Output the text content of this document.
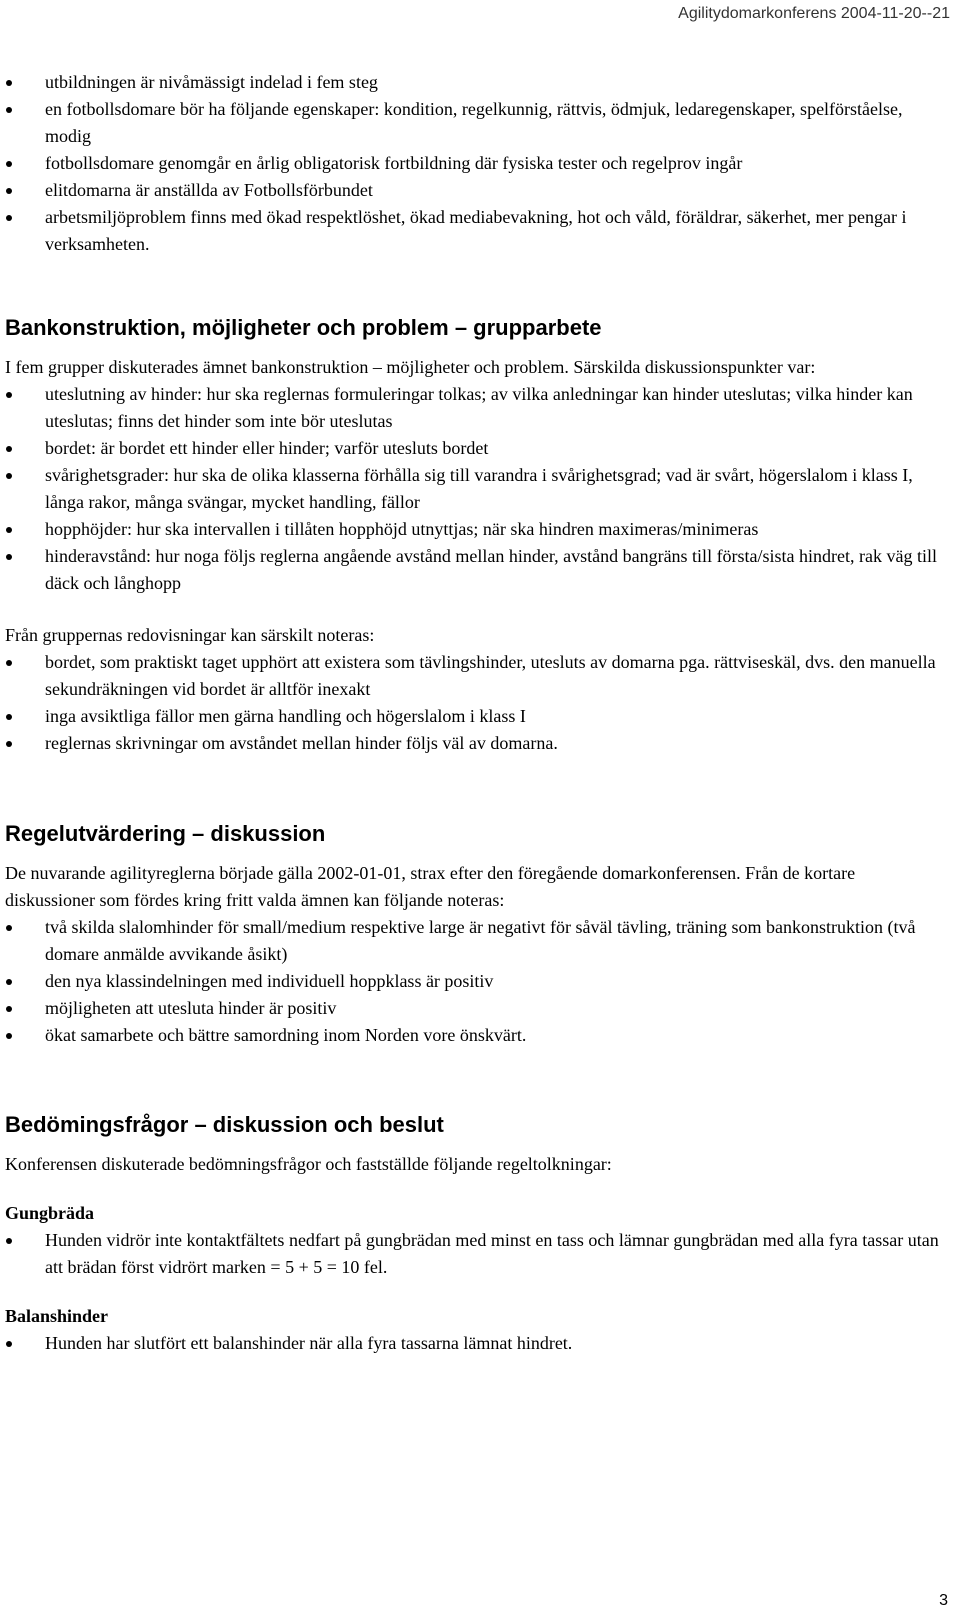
Agilitydomarkonferens 2004-11-20--21
utbildningen är nivåmässigt indelad i fem steg
en fotbollsdomare bör ha följande egenskaper: kondition, regelkunnig, rättvis, ödmjuk, ledaregenskaper, spelförståelse, modig
fotbollsdomare genomgår en årlig obligatorisk fortbildning där fysiska tester och regelprov ingår
elitdomarna är anställda av Fotbollsförbundet
arbetsmiljöproblem finns med ökad respektlöshet, ökad mediabevakning, hot och våld, föräldrar, säkerhet, mer pengar i verksamheten.
Bankonstruktion, möjligheter och problem – grupparbete

I fem grupper diskuterades ämnet bankonstruktion – möjligheter och problem. Särskilda diskussionspunkter var:

uteslutning av hinder: hur ska reglernas formuleringar tolkas; av vilka anledningar kan hinder uteslutas; vilka hinder kan uteslutas; finns det hinder som inte bör uteslutas
bordet: är bordet ett hinder eller hinder; varför utesluts bordet
svårighetsgrader: hur ska de olika klasserna förhålla sig till varandra i svårighetsgrad; vad är svårt, högerslalom i klass I, långa rakor, många svängar, mycket handling, fällor
hopphöjder: hur ska intervallen i tillåten hopphöjd utnyttjas; när ska hindren maximeras/minimeras
hinderavstånd: hur noga följs reglerna angående avstånd mellan hinder, avstånd bangräns till första/sista hindret, rak väg till däck och långhopp

Från gruppernas redovisningar kan särskilt noteras:

bordet, som praktiskt taget upphört att existera som tävlingshinder, utesluts av domarna pga. rättviseskäl, dvs. den manuella sekundräkningen vid bordet är alltför inexakt
inga avsiktliga fällor men gärna handling och högerslalom i klass I
reglernas skrivningar om avståndet mellan hinder följs väl av domarna.
Regelutvärdering – diskussion

De nuvarande agilityreglerna började gälla 2002-01-01, strax efter den föregående domarkonferensen. Från de kortare diskussioner som fördes kring fritt valda ämnen kan följande noteras:

två skilda slalomhinder för small/medium respektive large är negativt för såväl tävling, träning som bankonstruktion (två domare anmälde avvikande åsikt)
den nya klassindelningen med individuell hoppklass är positiv
möjligheten att utesluta hinder är positiv
ökat samarbete och bättre samordning inom Norden vore önskvärt.
Bedömingsfrågor – diskussion och beslut

Konferensen diskuterade bedömningsfrågor och fastställde följande regeltolkningar:

Gungbräda

Hunden vidrör inte kontaktfältets nedfart på gungbrädan med minst en tass och lämnar gungbrädan med alla fyra tassar utan att brädan först vidrört marken = 5 + 5 = 10 fel.

Balanshinder

Hunden har slutfört ett balanshinder när alla fyra tassarna lämnat hindret.
3
